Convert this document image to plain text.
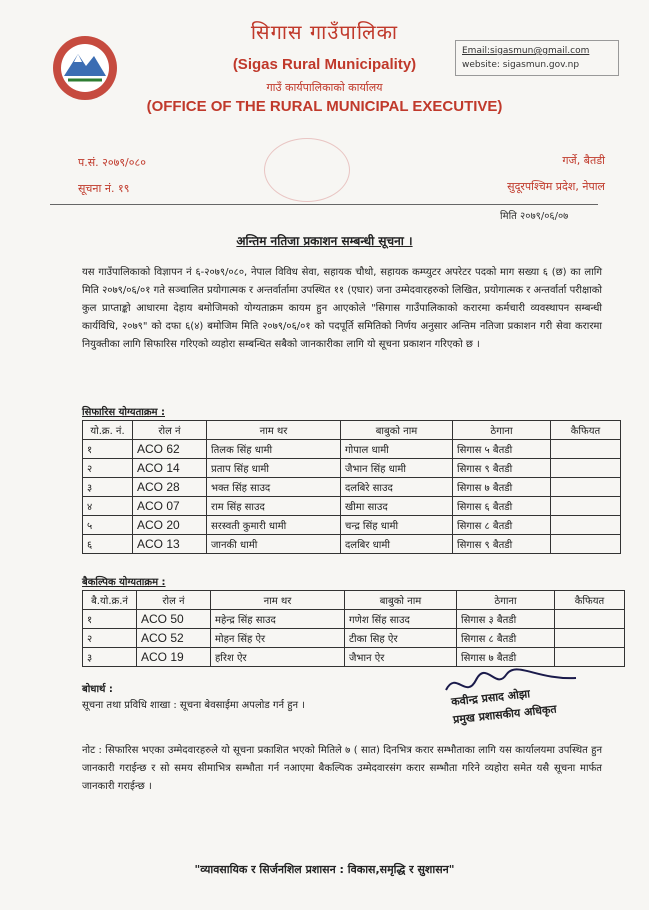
सिगास गाउँपालिका
(Sigas Rural Municipality)
गाउँ कार्यपालिकाको कार्यालय
(OFFICE OF THE RURAL MUNICIPAL EXECUTIVE)
Email:sigasmun@gmail.com
website: sigasmun.gov.np
प.सं. २०७९/०८०
सूचना नं. १९
गर्जे, बैतडी
सुदूरपश्चिम प्रदेश, नेपाल
मिति २०७९/०६/०७
अन्तिम नतिजा प्रकाशन सम्बन्धी सूचना ।
यस गाउँपालिकाको विज्ञापन नं ६-२०७९/०८०, नेपाल विविध सेवा, सहायक चौथो, सहायक कम्प्युटर अपरेटर पदको माग सख्या ६ (छ) का लागि मिति २०७९/०६/०१ गते सञ्चालित प्रयोगात्मक र अन्तर्वार्तामा उपस्थित ११ (एघार) जना उम्मेदवारहरुको लिखित, प्रयोगात्मक र अन्तर्वार्ता परीक्षाको कुल प्राप्ताङ्को आधारमा देहाय बमोजिमको योग्यताक्रम कायम हुन आएकोले "सिगास गाउँपालिकाको करारमा कर्मचारी व्यवस्थापन सम्बन्धी कार्यविधि, २०७९" को दफा ६(४) बमोजिम मिति २०७९/०६/०१ को पदपूर्ति समितिको निर्णय अनुसार अन्तिम नतिजा प्रकाशन गरी सेवा करारमा नियुक्तीका लागि सिफारिस गरिएको व्यहोरा सम्बन्धित सबैको जानकारीका लागि यो सूचना प्रकाशन गरिएको छ ।
सिफारिस योग्यताक्रम :
यो.क्र. नं.	रोल नं	नाम थर	बाबुको नाम	ठेगाना	कैफियत
१	ACO 62	तिलक सिंह धामी	गोपाल धामी	सिगास ५ बैतडी	
२	ACO 14	प्रताप सिंह धामी	जैभान सिंह धामी	सिगास ९ बैतडी	
३	ACO 28	भक्त सिंह साउद	दलबिरे साउद	सिगास ७ बैतडी	
४	ACO 07	राम सिंह साउद	खीमा साउद	सिगास ६ बैतडी	
५	ACO 20	सरस्वती कुमारी धामी	चन्द्र सिंह धामी	सिगास ८ बैतडी	
६	ACO 13	जानकी धामी	दलबिर धामी	सिगास ९ बैतडी	
बैकल्पिक योग्यताक्रम :
बै.यो.क्र.नं	रोल नं	नाम थर	बाबुको नाम	ठेगाना	कैफियत
१	ACO 50	महेन्द्र सिंह साउद	गणेश सिंह साउद	सिगास ३ बैतडी	
२	ACO 52	मोहन सिंह ऐर	टीका सिह ऐर	सिगास ८ बैतडी	
३	ACO 19	हरिश ऐर	जैभान ऐर	सिगास ७ बैतडी	
बोधार्थ :
सूचना तथा प्रविधि शाखा : सूचना बेवसाईमा अपलोड गर्न हुन ।	कवीन्द्र प्रसाद ओझा
प्रमुख प्रशासकीय अधिकृत
नोट : सिफारिस भएका उम्मेदवारहरुले यो सूचना प्रकाशित भएको मितिले ७ ( सात) दिनभित्र करार सम्भौताका लागि यस कार्यालयमा उपस्थित हुन जानकारी गराईन्छ र सो समय सीमाभित्र सम्भौता गर्न नआएमा बैकल्पिक उम्मेदवारसंग करार सम्भौता गरिने व्यहोरा समेत यसै सूचना मार्फत जानकारी गराईन्छ ।
"व्यावसायिक र सिर्जनशिल प्रशासन : विकास,समृद्धि र सुशासन"
